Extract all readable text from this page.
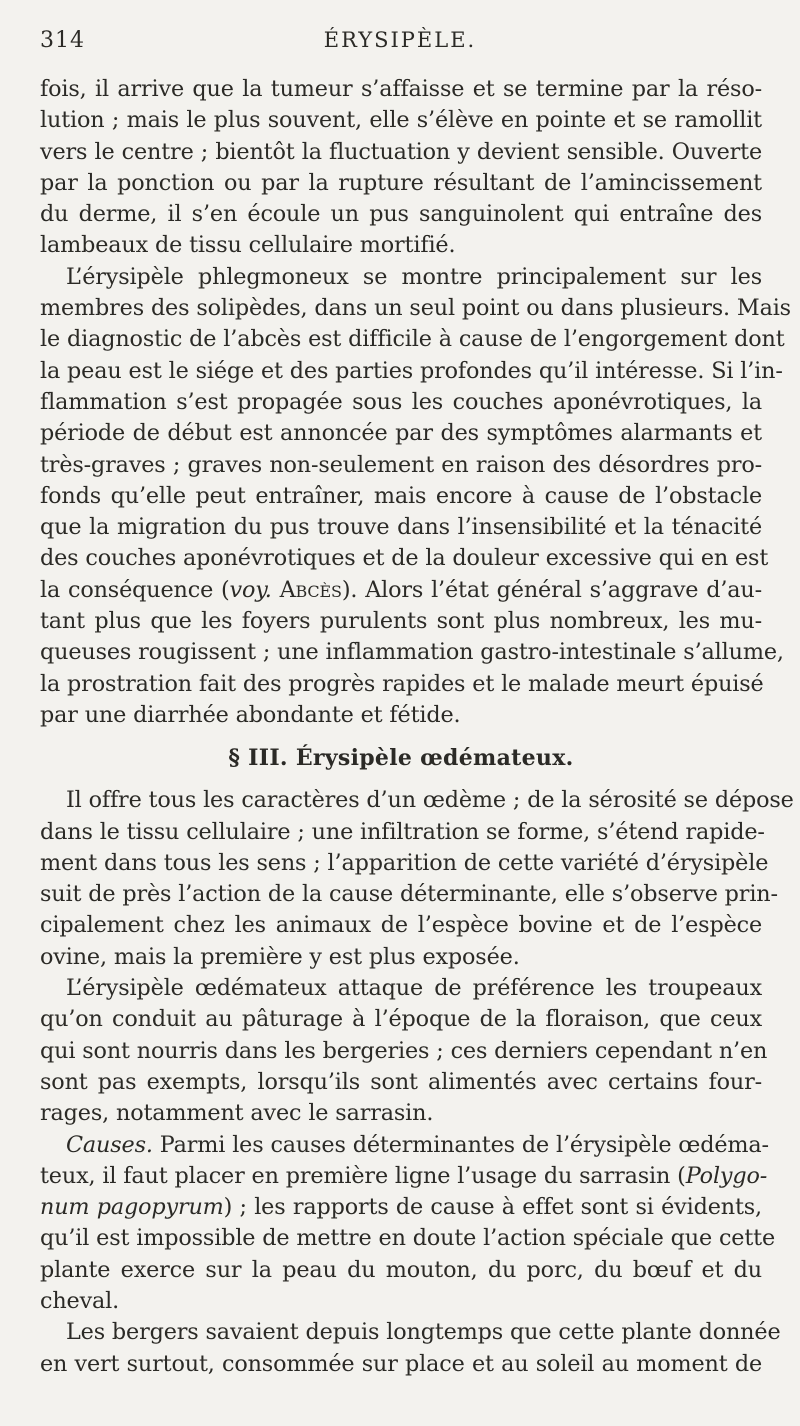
314	ÉRYSIPÈLE.
fois, il arrive que la tumeur s’affaisse et se termine par la réso-
lution ; mais le plus souvent, elle s’élève en pointe et se ramollit
vers le centre ; bientôt la fluctuation y devient sensible. Ouverte
par la ponction ou par la rupture résultant de l’amincissement
du derme, il s’en écoule un pus sanguinolent qui entraîne des
lambeaux de tissu cellulaire mortifié.
L’érysipèle phlegmoneux se montre principalement sur les
membres des solipèdes, dans un seul point ou dans plusieurs. Mais
le diagnostic de l’abcès est difficile à cause de l’engorgement dont
la peau est le siége et des parties profondes qu’il intéresse. Si l’in-
flammation s’est propagée sous les couches aponévrotiques, la
période de début est annoncée par des symptômes alarmants et
très-graves ; graves non-seulement en raison des désordres pro-
fonds qu’elle peut entraîner, mais encore à cause de l’obstacle
que la migration du pus trouve dans l’insensibilité et la ténacité
des couches aponévrotiques et de la douleur excessive qui en est
la conséquence (voy. Abcès). Alors l’état général s’aggrave d’au-
tant plus que les foyers purulents sont plus nombreux, les mu-
queuses rougissent ; une inflammation gastro-intestinale s’allume,
la prostration fait des progrès rapides et le malade meurt épuisé
par une diarrhée abondante et fétide.
§ III. Érysipèle œdémateux.
Il offre tous les caractères d’un œdème ; de la sérosité se dépose
dans le tissu cellulaire ; une infiltration se forme, s’étend rapide-
ment dans tous les sens ; l’apparition de cette variété d’érysipèle
suit de près l’action de la cause déterminante, elle s’observe prin-
cipalement chez les animaux de l’espèce bovine et de l’espèce
ovine, mais la première y est plus exposée.
L’érysipèle œdémateux attaque de préférence les troupeaux
qu’on conduit au pâturage à l’époque de la floraison, que ceux
qui sont nourris dans les bergeries ; ces derniers cependant n’en
sont pas exempts, lorsqu’ils sont alimentés avec certains four-
rages, notamment avec le sarrasin.
Causes. Parmi les causes déterminantes de l’érysipèle œdéma-
teux, il faut placer en première ligne l’usage du sarrasin (Polygo-
num pagopyrum) ; les rapports de cause à effet sont si évidents,
qu’il est impossible de mettre en doute l’action spéciale que cette
plante exerce sur la peau du mouton, du porc, du bœuf et du
cheval.
Les bergers savaient depuis longtemps que cette plante donnée
en vert surtout, consommée sur place et au soleil au moment de
